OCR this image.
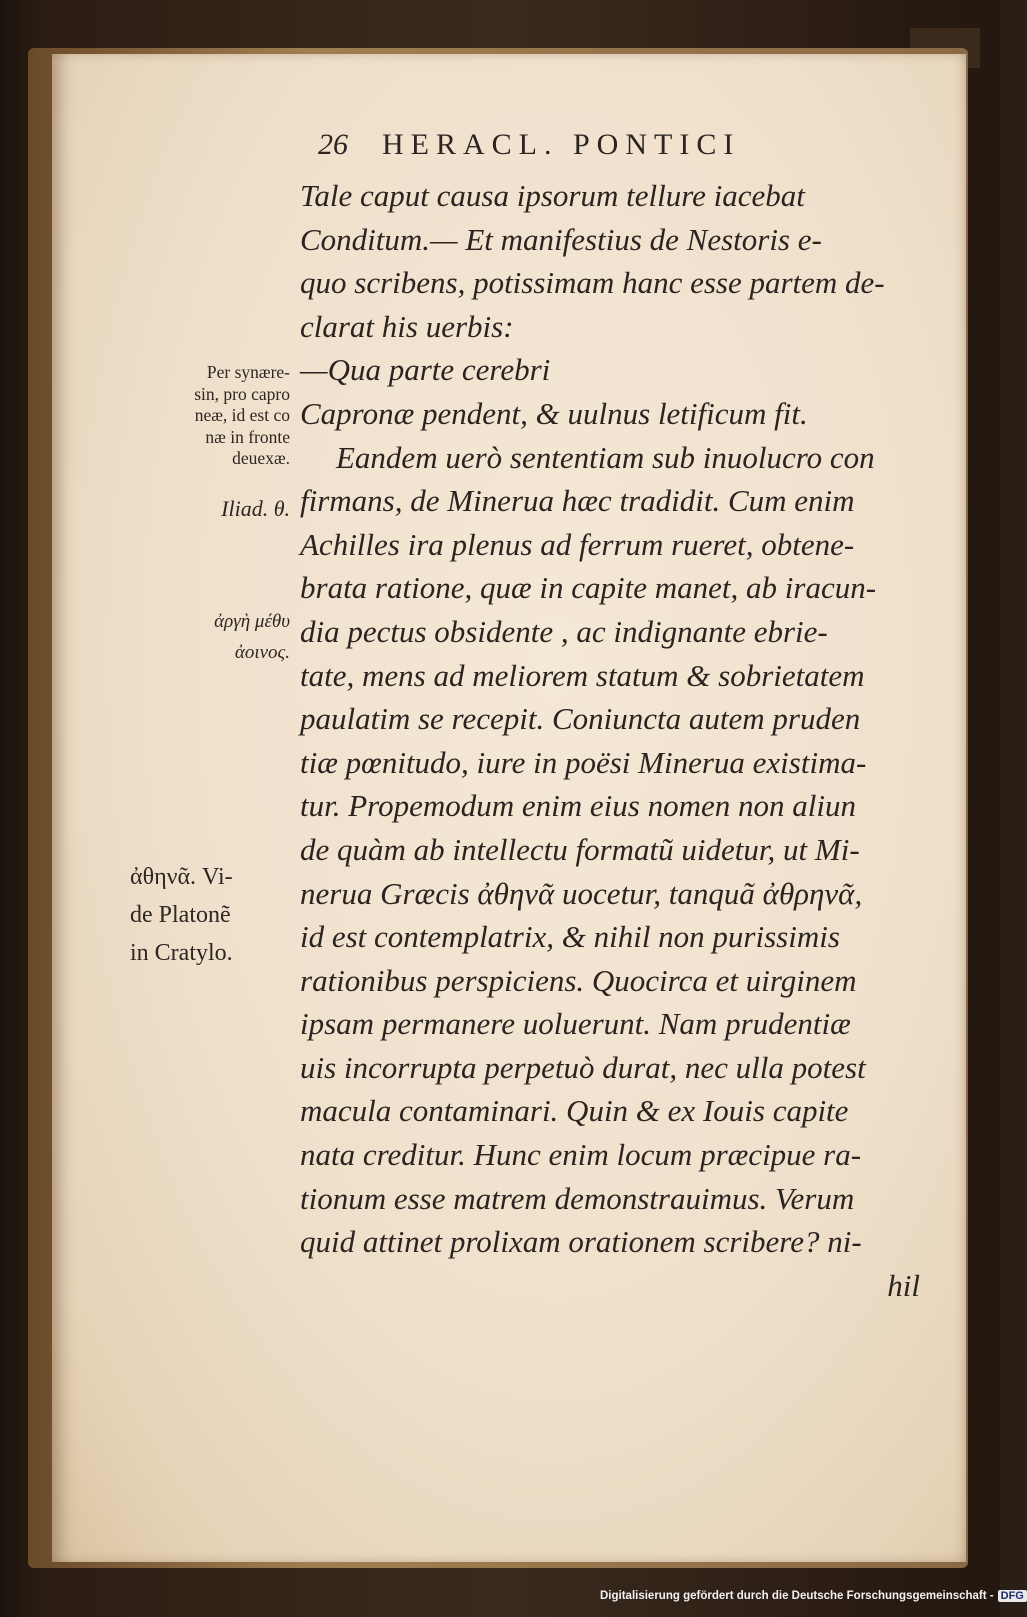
26 HERACL. PONTICI
Tale caput causa ipsorum tellure iacebat
Conditum.— Et manifestius de Nestoris e-
quo scribens, potissimam hanc esse partem de-
clarat his uerbis:
—Qua parte cerebri
Capronæ pendent, & uulnus letificum fit.
Eandem uerò sententiam sub inuolucro con
firmans, de Minerua hæc tradidit. Cum enim
Achilles ira plenus ad ferrum rueret, obtene-
brata ratione, quæ in capite manet, ab iracun-
dia pectus obsidente , ac indignante ebrie-
tate, mens ad meliorem statum & sobrietatem
paulatim se recepit. Coniuncta autem pruden
tiæ pœnitudo, iure in poësi Minerua existima-
tur. Propemodum enim eius nomen non aliun
de quàm ab intellectu formatũ uidetur, ut Mi-
nerua Græcis ἀθηνᾶ uocetur, tanquã ἀθρηνᾶ,
id est contemplatrix, & nihil non purissimis
rationibus perspiciens. Quocirca et uirginem
ipsam permanere uoluerunt. Nam prudentiæ
uis incorrupta perpetuò durat, nec ulla potest
macula contaminari. Quin & ex Iouis capite
nata creditur. Hunc enim locum præcipue ra-
tionum esse matrem demonstrauimus. Verum
quid attinet prolixam orationem scribere? ni-
hil
Per synære-
sin, pro capro
neæ, id est co
næ in fronte
deuexæ.
Iliad. θ.
ἀργὴ μέθυ
ἀοινος.
ἀθηνᾶ. Vi-
de Platonẽ
in Cratylo.
Digitalisierung gefördert durch die Deutsche Forschungsgemeinschaft - DFG
